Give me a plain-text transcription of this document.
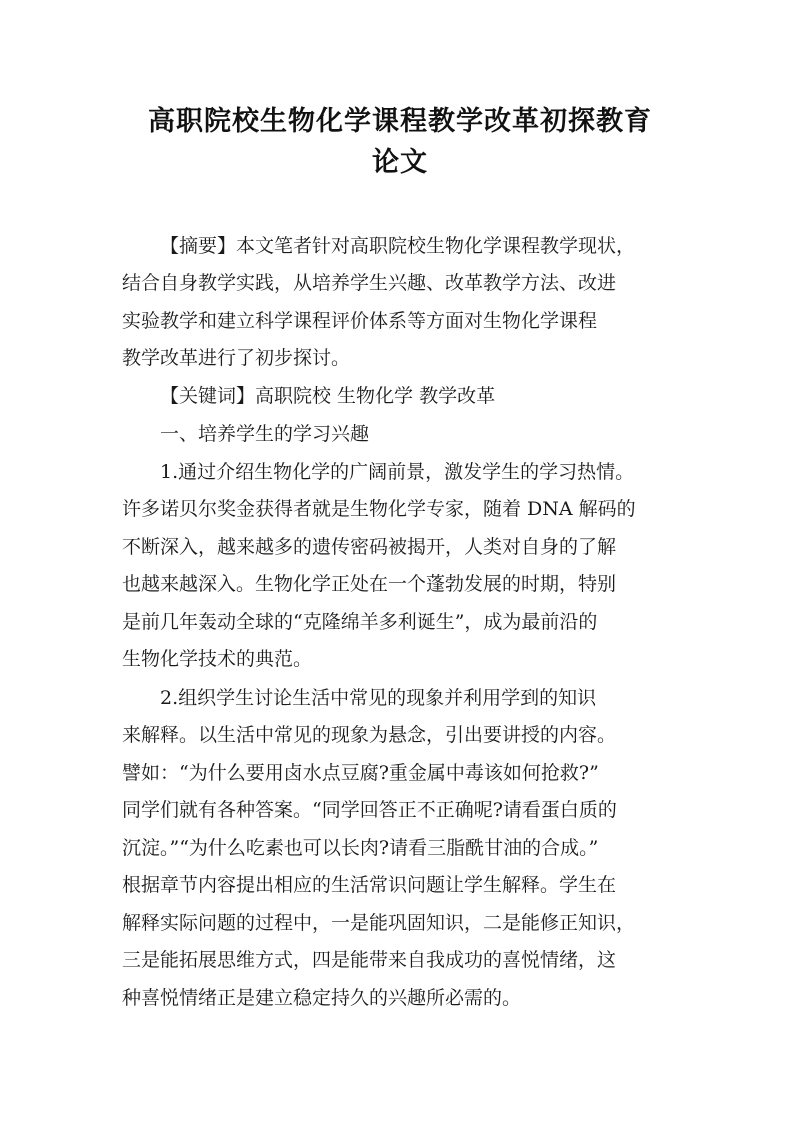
高职院校生物化学课程教学改革初探教育
论文
【摘要】本文笔者针对高职院校生物化学课程教学现状，
结合自身教学实践，从培养学生兴趣、改革教学方法、改进
实验教学和建立科学课程评价体系等方面对生物化学课程
教学改革进行了初步探讨。
【关键词】高职院校 生物化学 教学改革
一、培养学生的学习兴趣
1.通过介绍生物化学的广阔前景，激发学生的学习热情。
许多诺贝尔奖金获得者就是生物化学专家，随着 DNA 解码的
不断深入，越来越多的遗传密码被揭开，人类对自身的了解
也越来越深入。生物化学正处在一个蓬勃发展的时期，特别
是前几年轰动全球的“克隆绵羊多利诞生”，成为最前沿的
生物化学技术的典范。
2.组织学生讨论生活中常见的现象并利用学到的知识
来解释。以生活中常见的现象为悬念，引出要讲授的内容。
譬如：“为什么要用卤水点豆腐?重金属中毒该如何抢救?”
同学们就有各种答案。“同学回答正不正确呢?请看蛋白质的
沉淀。”“为什么吃素也可以长肉?请看三脂酰甘油的合成。”
根据章节内容提出相应的生活常识问题让学生解释。学生在
解释实际问题的过程中，一是能巩固知识，二是能修正知识，
三是能拓展思维方式，四是能带来自我成功的喜悦情绪，这
种喜悦情绪正是建立稳定持久的兴趣所必需的。
